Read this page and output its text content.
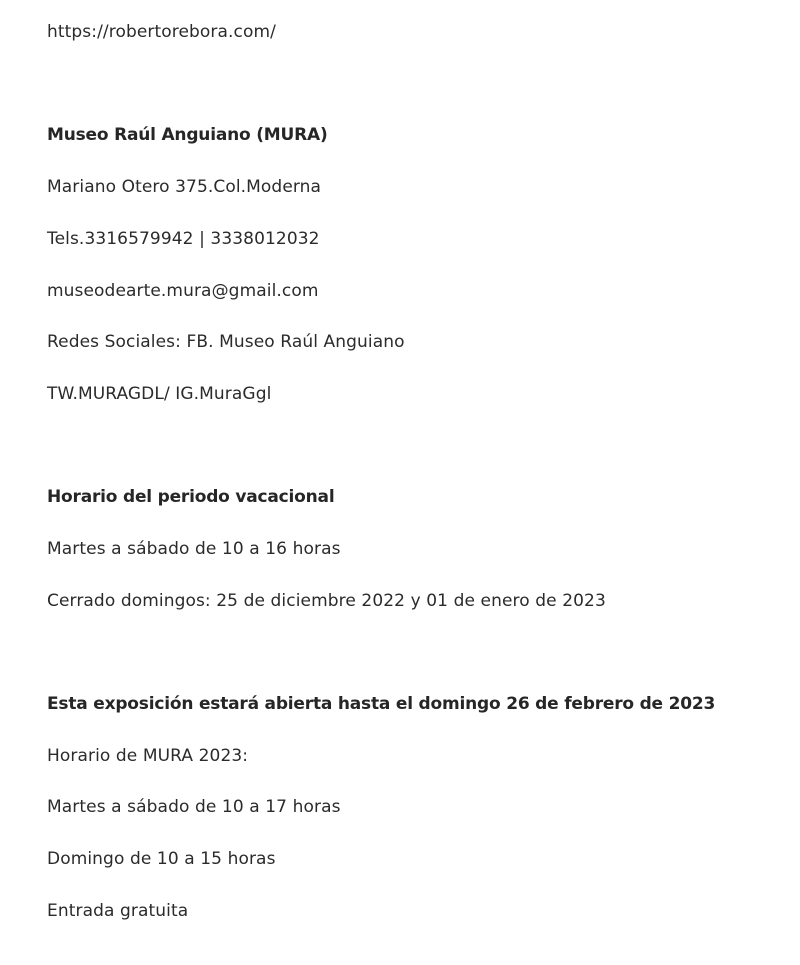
https://robertorebora.com/
Museo Raúl Anguiano (MURA)
Mariano Otero 375.Col.Moderna
Tels.3316579942 | 3338012032
museodearte.mura@gmail.com
Redes Sociales: FB. Museo Raúl Anguiano
TW.MURAGDL/ IG.MuraGgl
Horario del periodo vacacional
Martes a sábado de 10 a 16 horas
Cerrado domingos: 25 de diciembre 2022 y 01 de enero de 2023
Esta exposición estará abierta hasta el domingo 26 de febrero de 2023
Horario de MURA 2023:
Martes a sábado de 10 a 17 horas
Domingo de 10 a 15 horas
Entrada gratuita
